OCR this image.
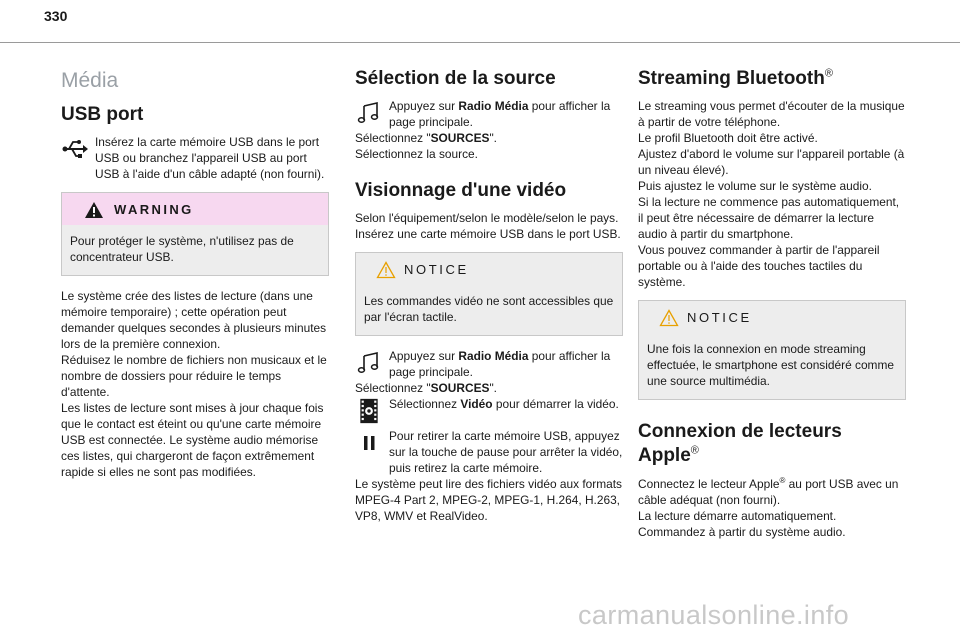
330
Média
USB port

Insérez la carte mémoire USB dans le port USB ou branchez l'appareil USB au port USB à l'aide d'un câble adapté (non fourni).

WARNING

Pour protéger le système, n'utilisez pas de concentrateur USB.

Le système crée des listes de lecture (dans une mémoire temporaire) ; cette opération peut demander quelques secondes à plusieurs minutes lors de la première connexion.
Réduisez le nombre de fichiers non musicaux et le nombre de dossiers pour réduire le temps d'attente.
Les listes de lecture sont mises à jour chaque fois que le contact est éteint ou qu'une carte mémoire USB est connectée. Le système audio mémorise ces listes, qui chargeront de façon extrêmement rapide si elles ne sont pas modifiées.

Sélection de la source

Appuyez sur Radio Média pour afficher la page principale.

Sélectionnez "SOURCES".

Sélectionnez la source.

Visionnage d'une vidéo

Selon l'équipement/selon le modèle/selon le pays.
Insérez une carte mémoire USB dans le port USB.

NOTICE

Les commandes vidéo ne sont accessibles que par l'écran tactile.

Appuyez sur Radio Média pour afficher la page principale.

Sélectionnez "SOURCES".

Sélectionnez Vidéo pour démarrer la vidéo.

Pour retirer la carte mémoire USB, appuyez sur la touche de pause pour arrêter la vidéo, puis retirez la carte mémoire.

Le système peut lire des fichiers vidéo aux formats MPEG-4 Part 2, MPEG-2, MPEG-1, H.264, H.263, VP8, WMV et RealVideo.

Streaming Bluetooth®

Le streaming vous permet d'écouter de la musique à partir de votre téléphone.
Le profil Bluetooth doit être activé.
Ajustez d'abord le volume sur l'appareil portable (à un niveau élevé).
Puis ajustez le volume sur le système audio.
Si la lecture ne commence pas automatiquement, il peut être nécessaire de démarrer la lecture audio à partir du smartphone.
Vous pouvez commander à partir de l'appareil portable ou à l'aide des touches tactiles du système.

NOTICE

Une fois la connexion en mode streaming effectuée, le smartphone est considéré comme une source multimédia.

Connexion de lecteurs Apple®

Connectez le lecteur Apple® au port USB avec un câble adéquat (non fourni).
La lecture démarre automatiquement.
Commandez à partir du système audio.

carmanualsonline.info
